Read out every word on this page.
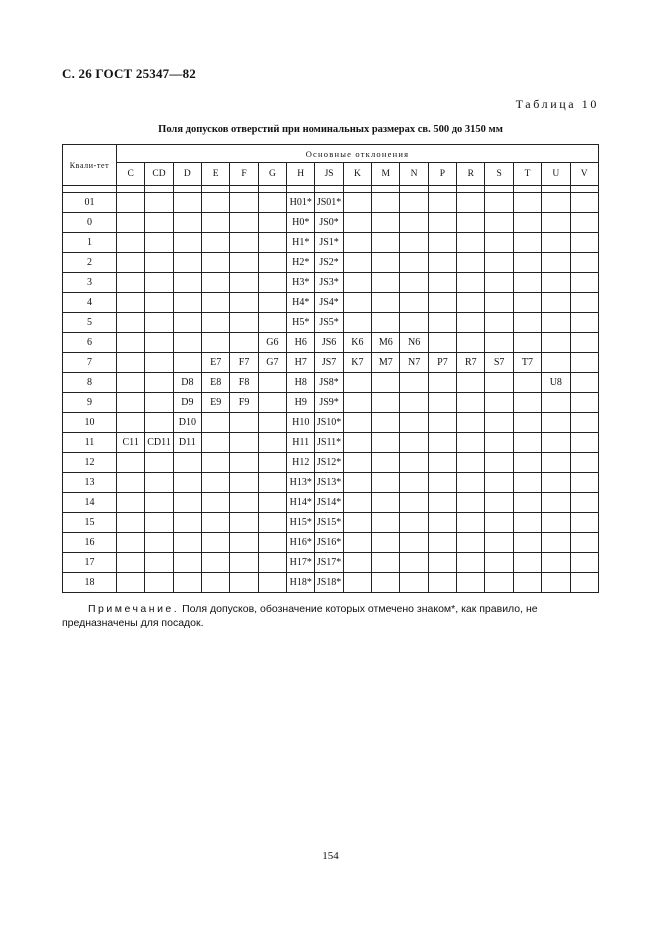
С. 26 ГОСТ 25347—82
Таблица 10
Поля допусков отверстий при номинальных размерах св. 500 до 3150 мм
Квали-тет	Основные отклонения																
	C	CD	D	E	F	G	H	JS	K	M	N	P	R	S	T	U	V

01							H01*	JS01*									
0							H0*	JS0*									
1							H1*	JS1*									
2							H2*	JS2*									
3							H3*	JS3*									
4							H4*	JS4*									
5							H5*	JS5*									
6						G6	H6	JS6	K6	M6	N6						
7				E7	F7	G7	H7	JS7	K7	M7	N7	P7	R7	S7	T7		
8			D8	E8	F8		H8	JS8*								U8	
9			D9	E9	F9		H9	JS9*									
10			D10				H10	JS10*									
11	C11	CD11	D11				H11	JS11*									
12							H12	JS12*									
13							H13*	JS13*									
14							H14*	JS14*									
15							H15*	JS15*									
16							H16*	JS16*									
17							H17*	JS17*									
18							H18*	JS18*									
Примечание. Поля допусков, обозначение которых отмечено знаком*, как правило, не предназначены для посадок.
154
